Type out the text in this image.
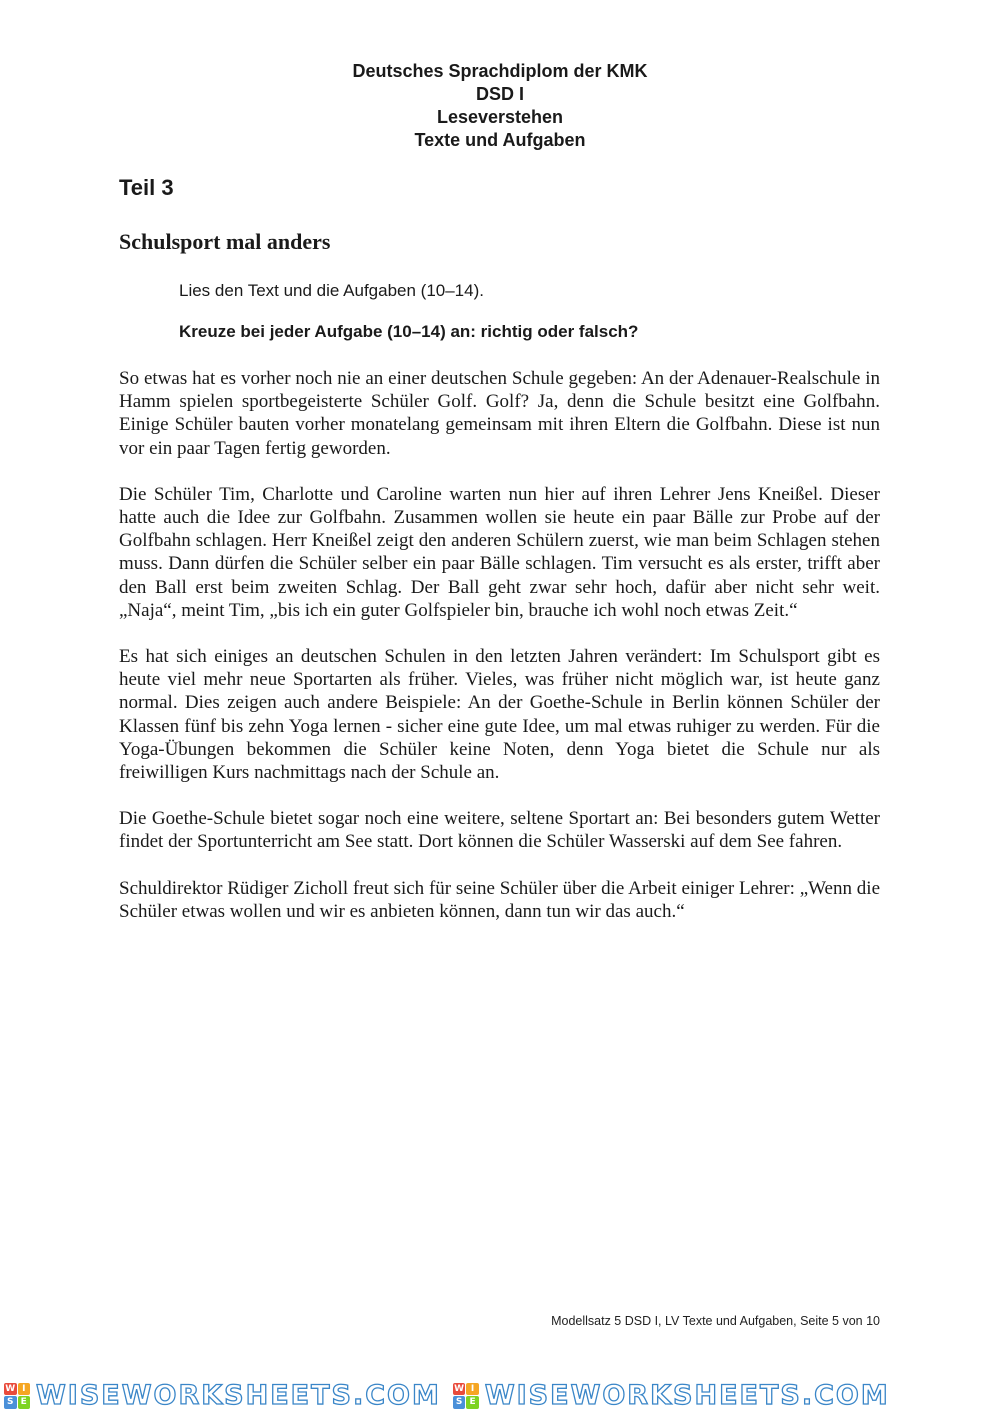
Deutsches Sprachdiplom der KMK
DSD I
Leseverstehen
Texte und Aufgaben
Teil 3
Schulsport mal anders
Lies den Text und die Aufgaben (10–14).
Kreuze bei jeder Aufgabe (10–14) an: richtig oder falsch?

So etwas hat es vorher noch nie an einer deutschen Schule gegeben: An der Adenauer-Realschule in Hamm spielen sportbegeisterte Schüler Golf. Golf? Ja, denn die Schule besitzt eine Golfbahn. Einige Schüler bauten vorher monatelang gemeinsam mit ihren Eltern die Golfbahn. Diese ist nun vor ein paar Tagen fertig geworden.

Die Schüler Tim, Charlotte und Caroline warten nun hier auf ihren Lehrer Jens Kneißel. Dieser hatte auch die Idee zur Golfbahn. Zusammen wollen sie heute ein paar Bälle zur Probe auf der Golfbahn schlagen. Herr Kneißel zeigt den anderen Schülern zuerst, wie man beim Schlagen stehen muss. Dann dürfen die Schüler selber ein paar Bälle schlagen. Tim versucht es als erster, trifft aber den Ball erst beim zweiten Schlag. Der Ball geht zwar sehr hoch, dafür aber nicht sehr weit. „Naja“, meint Tim, „bis ich ein guter Golfspieler bin, brauche ich wohl noch etwas Zeit.“

Es hat sich einiges an deutschen Schulen in den letzten Jahren verändert: Im Schulsport gibt es heute viel mehr neue Sportarten als früher. Vieles, was früher nicht möglich war, ist heute ganz normal. Dies zeigen auch andere Beispiele: An der Goethe-Schule in Berlin können Schüler der Klassen fünf bis zehn Yoga lernen - sicher eine gute Idee, um mal etwas ruhiger zu werden. Für die Yoga-Übungen bekommen die Schüler keine Noten, denn Yoga bietet die Schule nur als freiwilligen Kurs nachmittags nach der Schule an.

Die Goethe-Schule bietet sogar noch eine weitere, seltene Sportart an: Bei besonders gutem Wetter findet der Sportunterricht am See statt. Dort können die Schüler Wasserski auf dem See fahren.

Schuldirektor Rüdiger Zicholl freut sich für seine Schüler über die Arbeit einiger Lehrer: „Wenn die Schüler etwas wollen und wir es anbieten können, dann tun wir das auch.“

Modellsatz 5 DSD I, LV Texte und Aufgaben, Seite 5 von 10
W I
S E WISEWORKSHEETS.COM W I
S E WISEWORKSHEETS.COM
